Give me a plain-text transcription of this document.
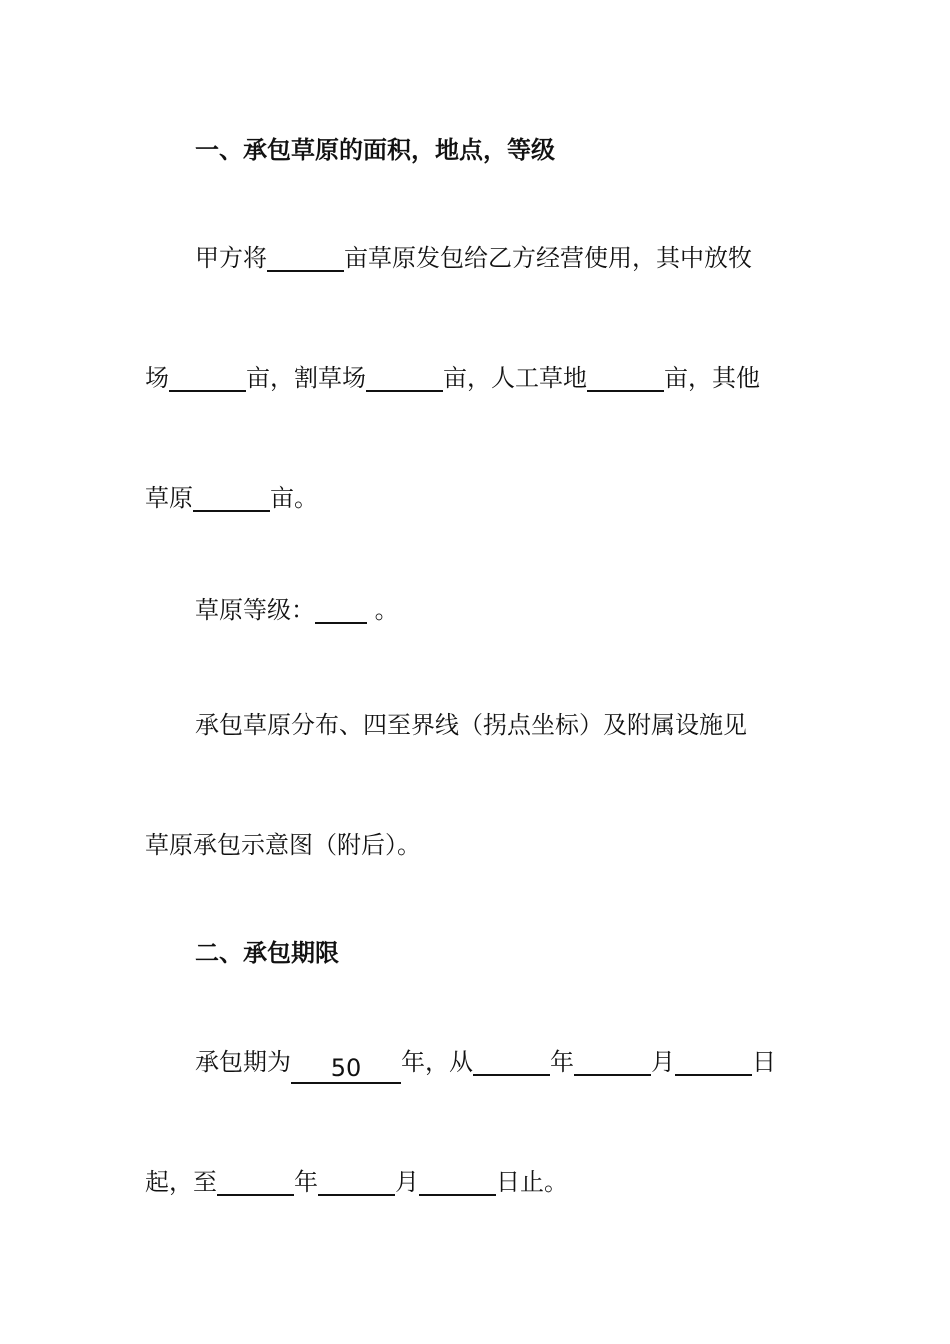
一、承包草原的面积，地点，等级
甲方将	亩草原发包给乙方经营使用，其中放牧
场	亩，割草场	亩，人工草地	亩，其他
草原	亩。
草原等级： 。
承包草原分布、四至界线（拐点坐标）及附属设施见
草原承包示意图（附后）。
二、承包期限
承包期为 50 年，从	年	月	日
起，至	年	月	日止。
